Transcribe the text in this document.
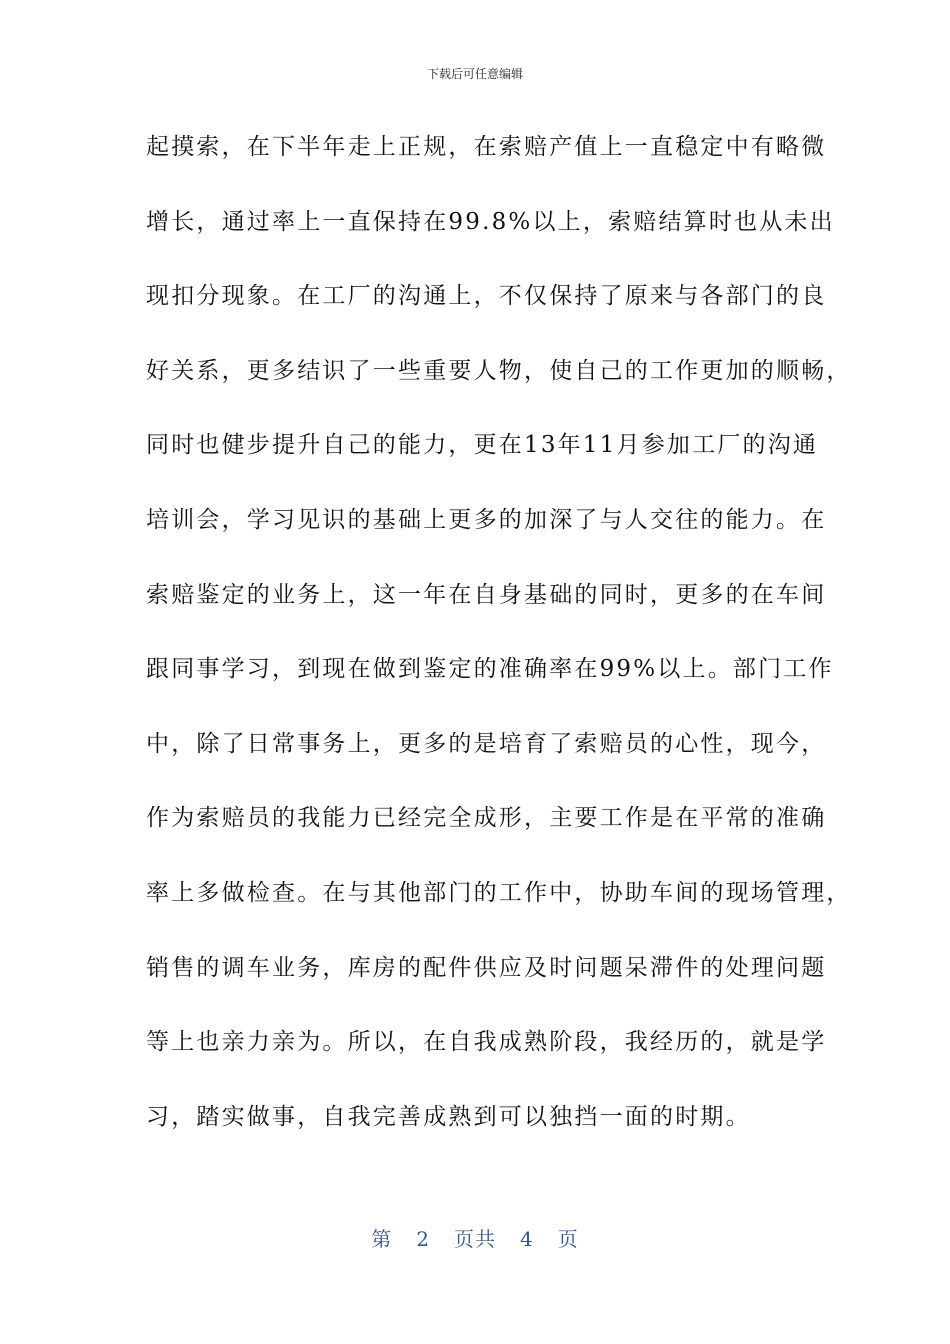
下载后可任意编辑
起摸索，在下半年走上正规，在索赔产值上一直稳定中有略微
增长，通过率上一直保持在99.8%以上，索赔结算时也从未出
现扣分现象。在工厂的沟通上，不仅保持了原来与各部门的良
好关系，更多结识了一些重要人物，使自己的工作更加的顺畅，
同时也健步提升自己的能力，更在13年11月参加工厂的沟通
培训会，学习见识的基础上更多的加深了与人交往的能力。在
索赔鉴定的业务上，这一年在自身基础的同时，更多的在车间
跟同事学习，到现在做到鉴定的准确率在99%以上。部门工作
中，除了日常事务上，更多的是培育了索赔员的心性，现今，
作为索赔员的我能力已经完全成形，主要工作是在平常的准确
率上多做检查。在与其他部门的工作中，协助车间的现场管理，
销售的调车业务，库房的配件供应及时问题呆滞件的处理问题
等上也亲力亲为。所以，在自我成熟阶段，我经历的，就是学
习，踏实做事，自我完善成熟到可以独挡一面的时期。
第 2 页共 4 页
